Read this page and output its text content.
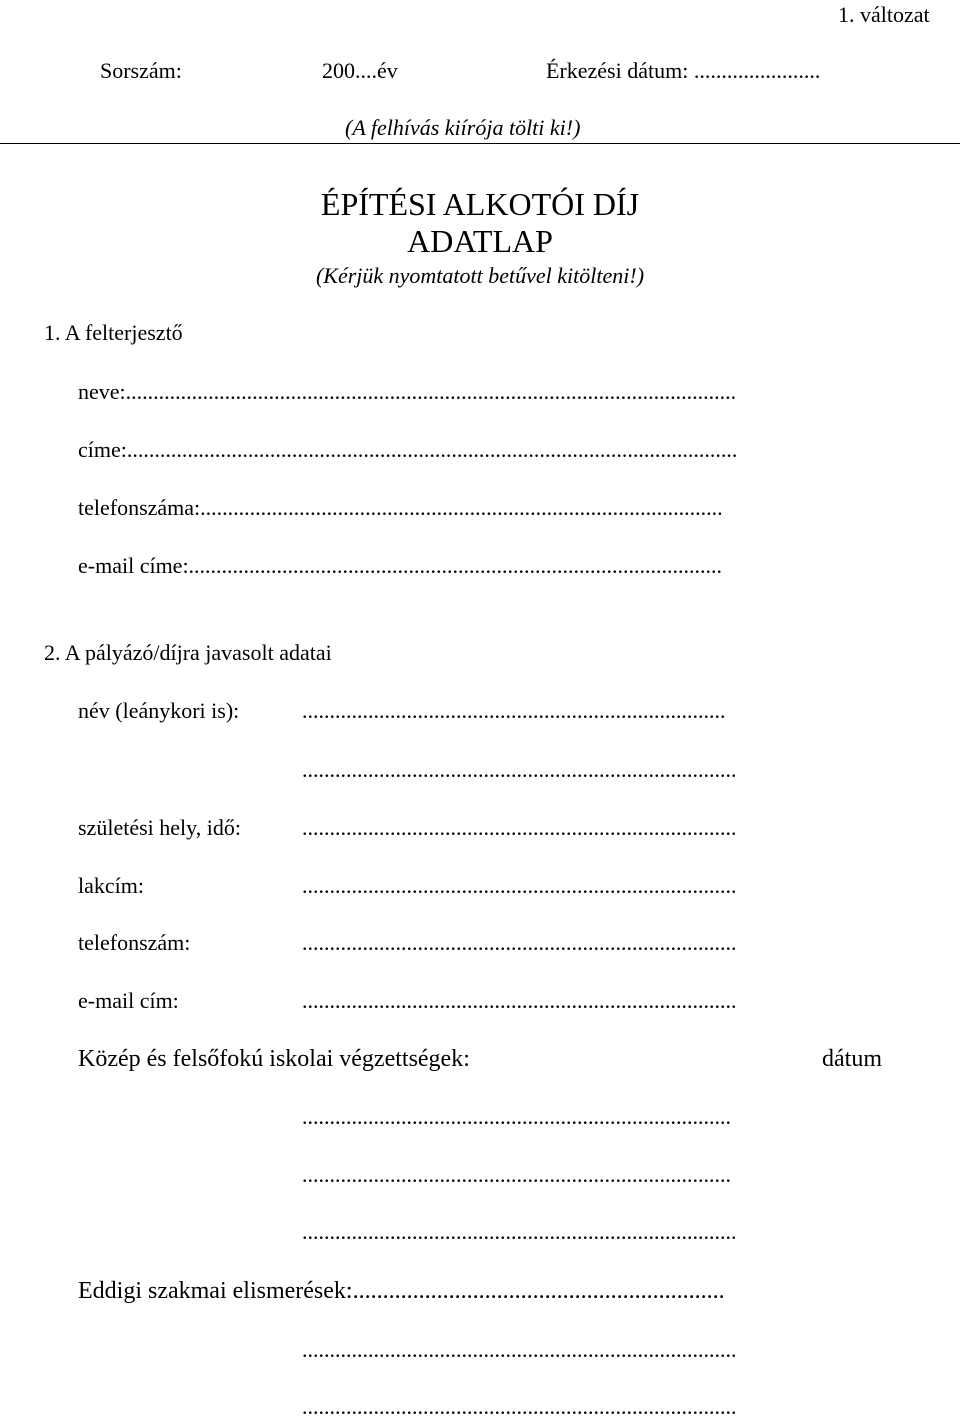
1. változat
Sorszám:	200....év	Érkezési dátum: .......................
(A felhívás kiírója tölti ki!)
ÉPÍTÉSI ALKOTÓI DÍJ
ADATLAP
(Kérjük nyomtatott betűvel kitölteni!)
1. A felterjesztő
neve:...............................................................................................................
címe:...............................................................................................................
telefonszáma:...............................................................................................
e-mail címe:.................................................................................................
2. A pályázó/díjra javasolt adatai
név (leánykori is):	.............................................................................
...............................................................................
születési hely, idő:	...............................................................................
lakcím:	...............................................................................
telefonszám:	...............................................................................
e-mail cím:	...............................................................................
Közép és felsőfokú iskolai végzettségek:	dátum
..............................................................................
..............................................................................
...............................................................................
Eddigi szakmai elismerések:..............................................................
...............................................................................
...............................................................................
